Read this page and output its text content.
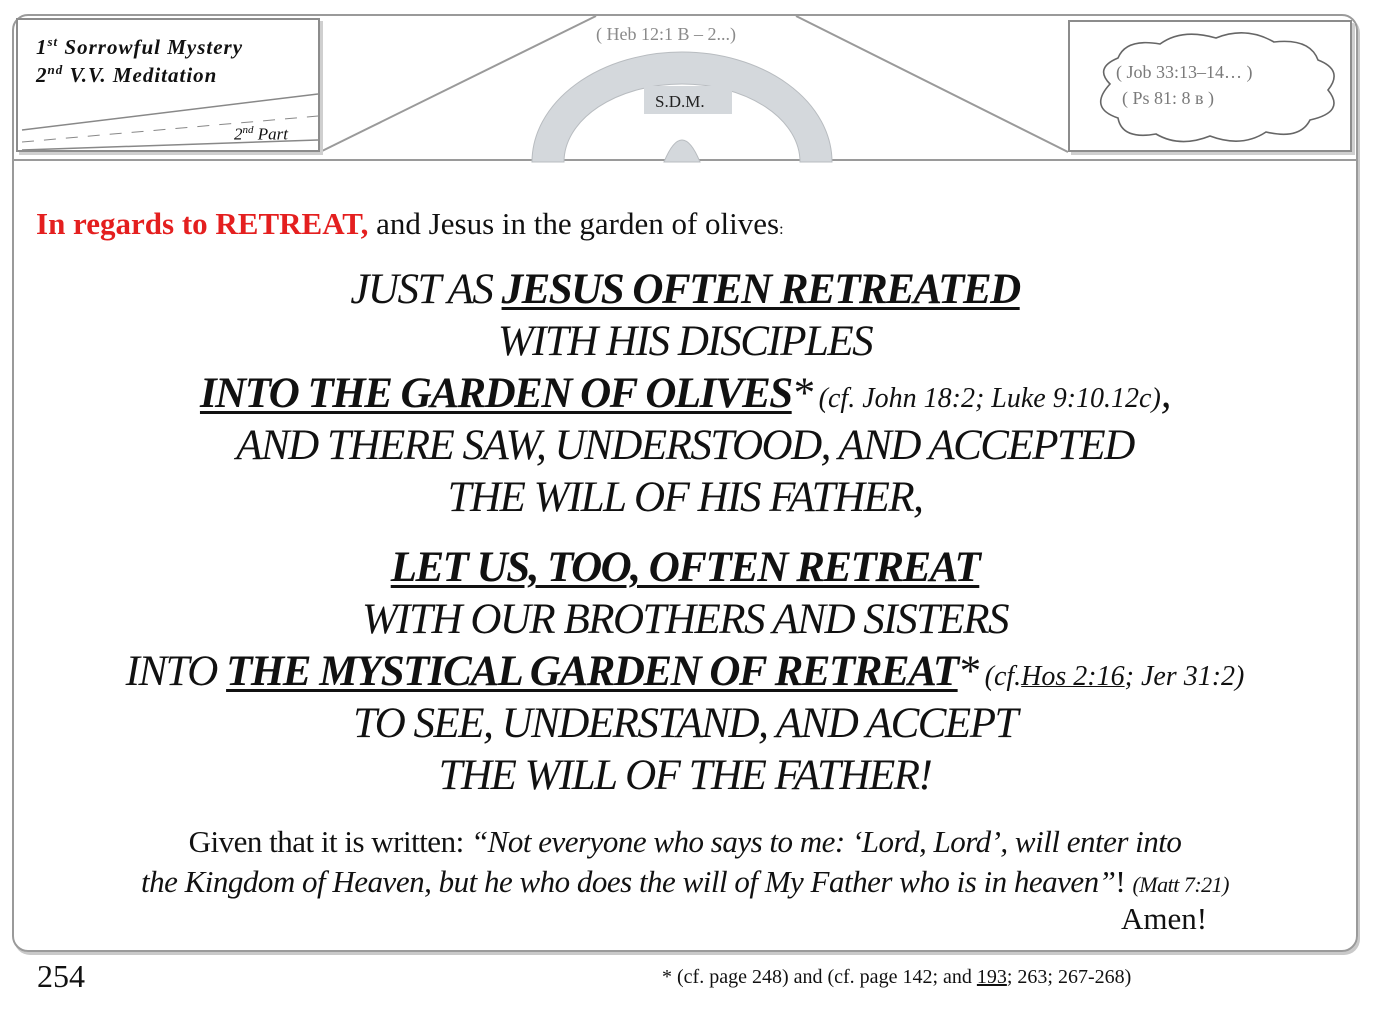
S.D.M.
( Heb 12:1 B – 2...)
1st Sorrowful Mystery
2nd V.V. Meditation
2nd Part
( Job 33:13–14… )
( Ps 81: 8 в )
In regards to RETREAT, and Jesus in the garden of olives:
JUST AS JESUS OFTEN RETREATED
WITH HIS DISCIPLES
INTO THE GARDEN OF OLIVES* (cf. John 18:2; Luke 9:10.12c),
AND THERE SAW, UNDERSTOOD, AND ACCEPTED
THE WILL OF HIS FATHER,
LET US, TOO, OFTEN RETREAT
WITH OUR BROTHERS AND SISTERS
INTO THE MYSTICAL GARDEN OF RETREAT* (cf.Hos 2:16; Jer 31:2)
TO SEE, UNDERSTAND, AND ACCEPT
THE WILL OF THE FATHER!
Given that it is written: “Not everyone who says to me: ‘Lord, Lord’, will enter into
the Kingdom of Heaven, but he who does the will of My Father who is in heaven”! (Matt 7:21)
Amen!
254	* (cf. page 248) and (cf. page 142; and 193; 263; 267-268)
